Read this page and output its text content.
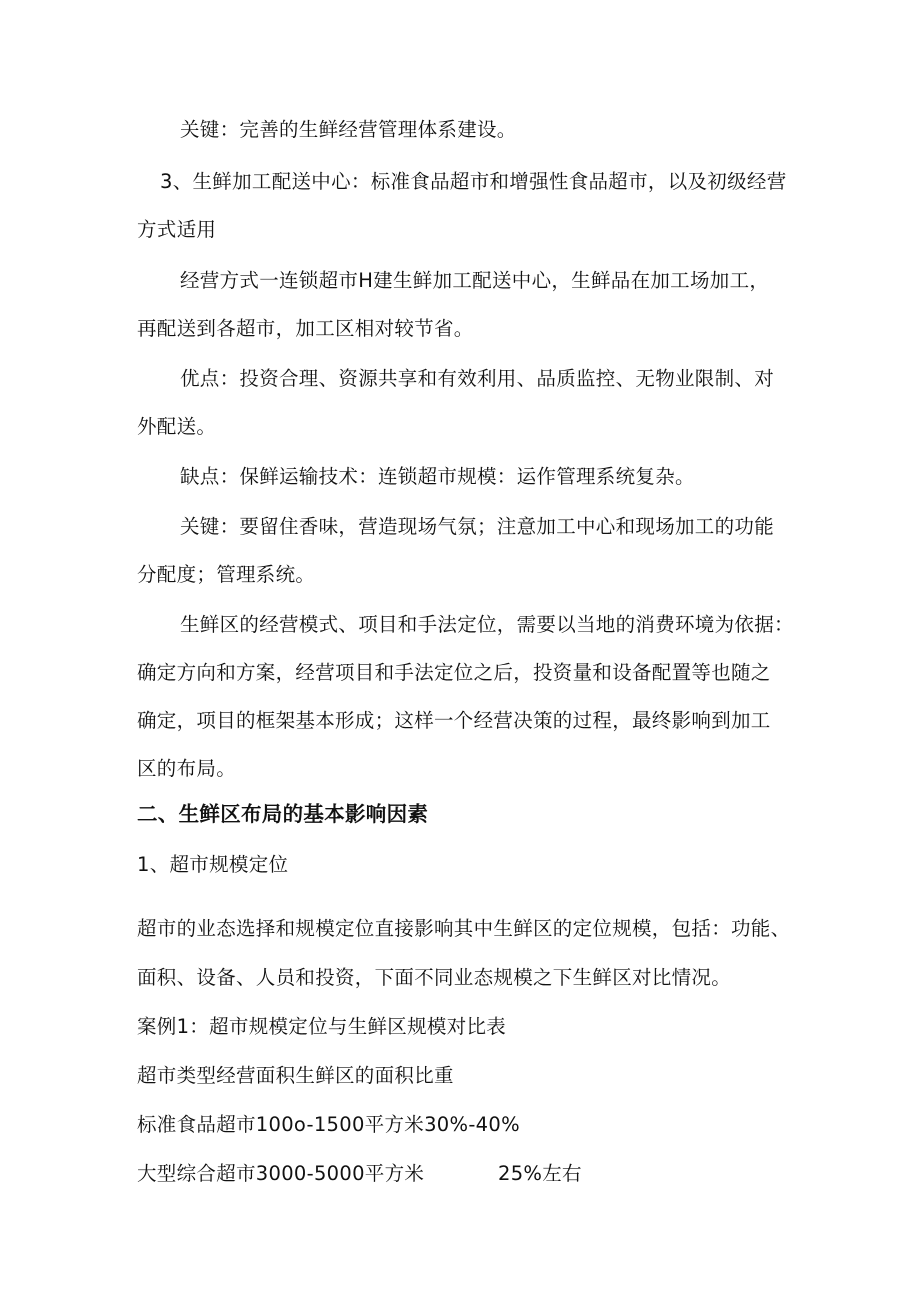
关键：完善的生鲜经营管理体系建设。
3、生鲜加工配送中心：标准食品超市和增强性食品超市，以及初级经营
方式适用
经营方式一连锁超市H建生鲜加工配送中心，生鲜品在加工场加工，
再配送到各超市，加工区相对较节省。
优点：投资合理、资源共享和有效利用、品质监控、无物业限制、对
外配送。
缺点：保鲜运输技术：连锁超市规模：运作管理系统复杂。
关键：要留住香味，营造现场气氛；注意加工中心和现场加工的功能
分配度；管理系统。
生鲜区的经营模式、项目和手法定位，需要以当地的消费环境为依据：
确定方向和方案，经营项目和手法定位之后，投资量和设备配置等也随之
确定，项目的框架基本形成；这样一个经营决策的过程，最终影响到加工
区的布局。
二、生鲜区布局的基本影响因素
1、超市规模定位
超市的业态选择和规模定位直接影响其中生鲜区的定位规模，包括：功能、
面积、设备、人员和投资，下面不同业态规模之下生鲜区对比情况。
案例1：超市规模定位与生鲜区规模对比表
超市类型经营面积生鲜区的面积比重
标准食品超市100o-1500平方米30%-40%
大型综合超市3000-5000平方米	25%左右
